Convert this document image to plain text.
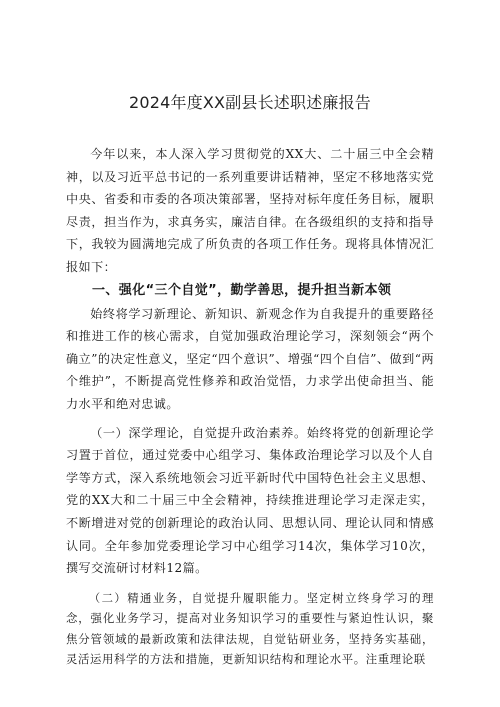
2024年度XX副县长述职述廉报告

今年以来，本人深入学习贯彻党的XX大、二十届三中全会精神，以及习近平总书记的一系列重要讲话精神，坚定不移地落实党中央、省委和市委的各项决策部署，坚持对标年度任务目标，履职尽责，担当作为，求真务实，廉洁自律。在各级组织的支持和指导下，我较为圆满地完成了所负责的各项工作任务。现将具体情况汇报如下：

一、强化“三个自觉”，勤学善思，提升担当新本领

始终将学习新理论、新知识、新观念作为自我提升的重要路径和推进工作的核心需求，自觉加强政治理论学习，深刻领会“两个确立”的决定性意义，坚定“四个意识”、增强“四个自信”、做到“两个维护”，不断提高党性修养和政治觉悟，力求学出使命担当、能力水平和绝对忠诚。

（一）深学理论，自觉提升政治素养。始终将党的创新理论学习置于首位，通过党委中心组学习、集体政治理论学习以及个人自学等方式，深入系统地领会习近平新时代中国特色社会主义思想、党的XX大和二十届三中全会精神，持续推进理论学习走深走实，不断增进对党的创新理论的政治认同、思想认同、理论认同和情感认同。全年参加党委理论学习中心组学习14次，集体学习10次，撰写交流研讨材料12篇。

（二）精通业务，自觉提升履职能力。坚定树立终身学习的理念，强化业务学习，提高对业务知识学习的重要性与紧迫性认识，聚焦分管领域的最新政策和法律法规，自觉钻研业务，坚持务实基础，灵活运用科学的方法和措施，更新知识结构和理论水平。注重理论联
